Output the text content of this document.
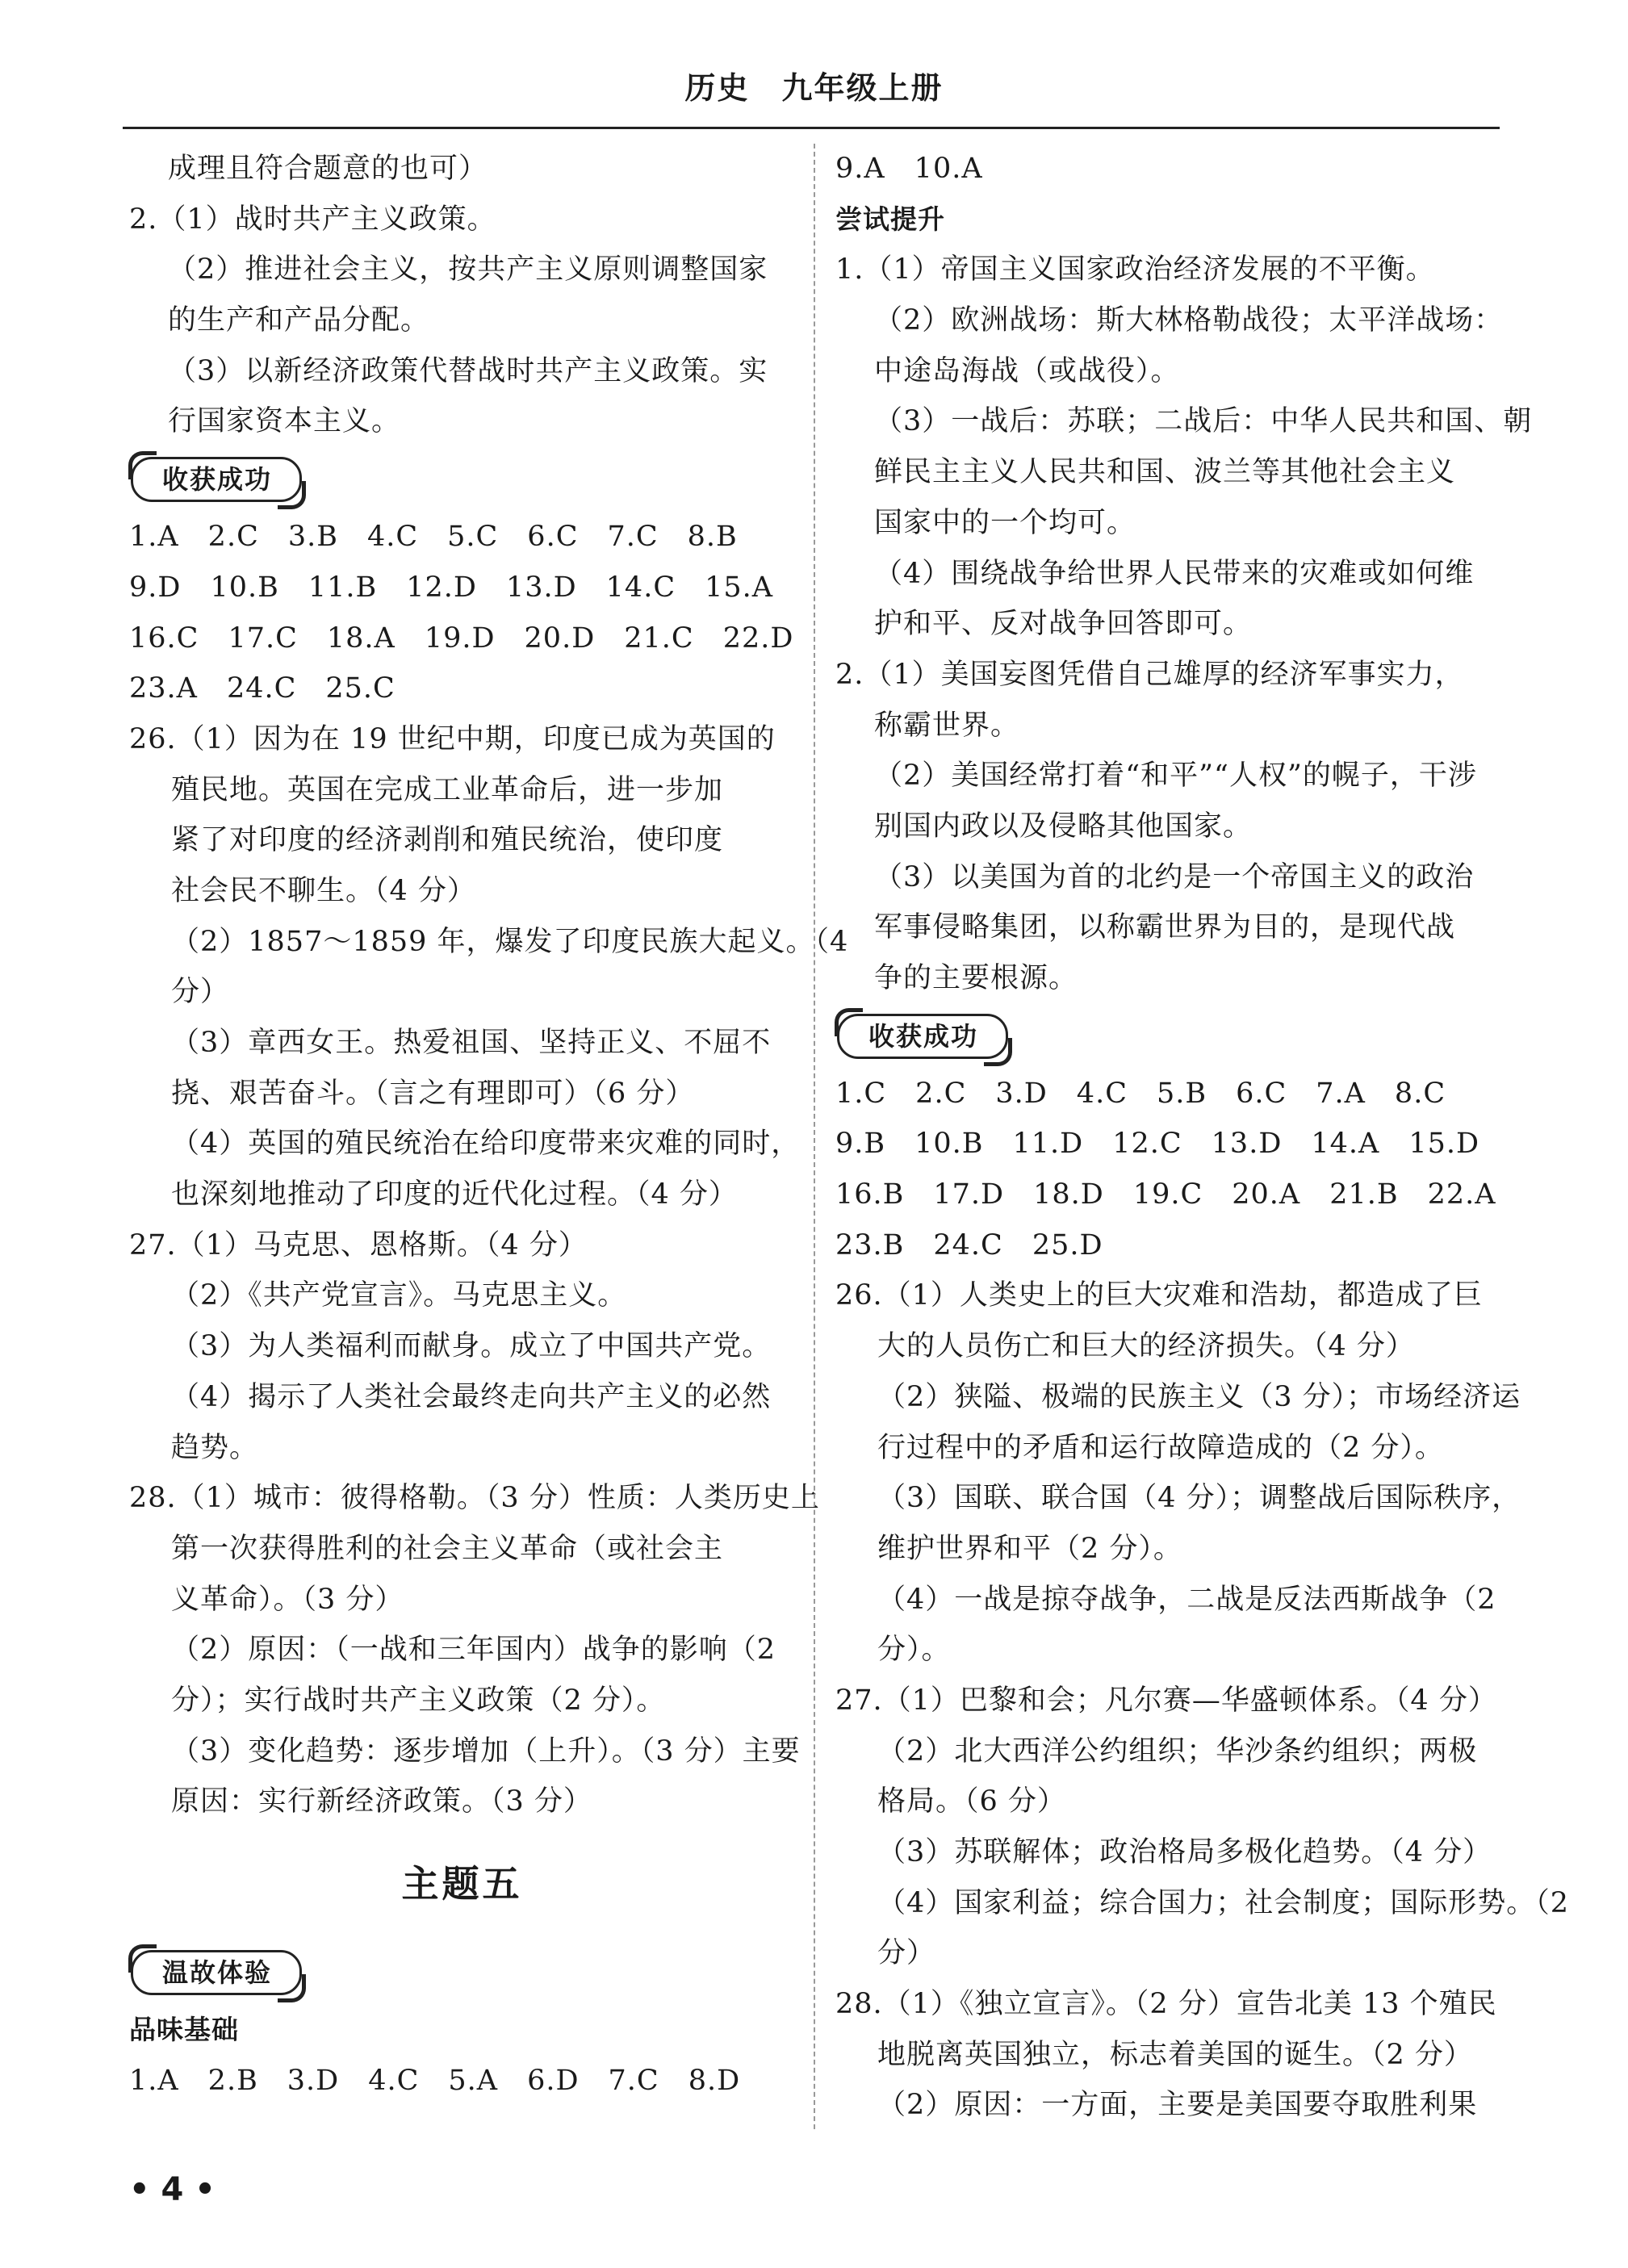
历史　九年级上册
成理且符合题意的也可）
2.（1）战时共产主义政策。
（2）推进社会主义，按共产主义原则调整国家
的生产和产品分配。
（3）以新经济政策代替战时共产主义政策。实
行国家资本主义。
收获成功
1.A　2.C　3.B　4.C　5.C　6.C　7.C　8.B
9.D　10.B　11.B　12.D　13.D　14.C　15.A
16.C　17.C　18.A　19.D　20.D　21.C　22.D
23.A　24.C　25.C
26.（1）因为在 19 世纪中期，印度已成为英国的
殖民地。英国在完成工业革命后，进一步加
紧了对印度的经济剥削和殖民统治，使印度
社会民不聊生。（4 分）
（2）1857～1859 年，爆发了印度民族大起义。（4
分）
（3）章西女王。热爱祖国、坚持正义、不屈不
挠、艰苦奋斗。（言之有理即可）（6 分）
（4）英国的殖民统治在给印度带来灾难的同时，
也深刻地推动了印度的近代化过程。（4 分）
27.（1）马克思、恩格斯。（4 分）
（2）《共产党宣言》。马克思主义。
（3）为人类福利而献身。成立了中国共产党。
（4）揭示了人类社会最终走向共产主义的必然
趋势。
28.（1）城市：彼得格勒。（3 分）性质：人类历史上
第一次获得胜利的社会主义革命（或社会主
义革命）。（3 分）
（2）原因：（一战和三年国内）战争的影响（2
分）；实行战时共产主义政策（2 分）。
（3）变化趋势：逐步增加（上升）。（3 分）主要
原因：实行新经济政策。（3 分）
主题五
温故体验
品味基础
1.A　2.B　3.D　4.C　5.A　6.D　7.C　8.D
9.A　10.A
尝试提升
1.（1）帝国主义国家政治经济发展的不平衡。
（2）欧洲战场：斯大林格勒战役；太平洋战场：
中途岛海战（或战役）。
（3）一战后：苏联；二战后：中华人民共和国、朝
鲜民主主义人民共和国、波兰等其他社会主义
国家中的一个均可。
（4）围绕战争给世界人民带来的灾难或如何维
护和平、反对战争回答即可。
2.（1）美国妄图凭借自己雄厚的经济军事实力，
称霸世界。
（2）美国经常打着“和平”“人权”的幌子，干涉
别国内政以及侵略其他国家。
（3）以美国为首的北约是一个帝国主义的政治
军事侵略集团，以称霸世界为目的，是现代战
争的主要根源。
收获成功
1.C　2.C　3.D　4.C　5.B　6.C　7.A　8.C
9.B　10.B　11.D　12.C　13.D　14.A　15.D
16.B　17.D　18.D　19.C　20.A　21.B　22.A
23.B　24.C　25.D
26.（1）人类史上的巨大灾难和浩劫，都造成了巨
大的人员伤亡和巨大的经济损失。（4 分）
（2）狭隘、极端的民族主义（3 分）；市场经济运
行过程中的矛盾和运行故障造成的（2 分）。
（3）国联、联合国（4 分）；调整战后国际秩序，
维护世界和平（2 分）。
（4）一战是掠夺战争，二战是反法西斯战争（2
分）。
27.（1）巴黎和会；凡尔赛—华盛顿体系。（4 分）
（2）北大西洋公约组织；华沙条约组织；两极
格局。（6 分）
（3）苏联解体；政治格局多极化趋势。（4 分）
（4）国家利益；综合国力；社会制度；国际形势。（2
分）
28.（1）《独立宣言》。（2 分）宣告北美 13 个殖民
地脱离英国独立，标志着美国的诞生。（2 分）
（2）原因：一方面，主要是美国要夺取胜利果
• 4 •
